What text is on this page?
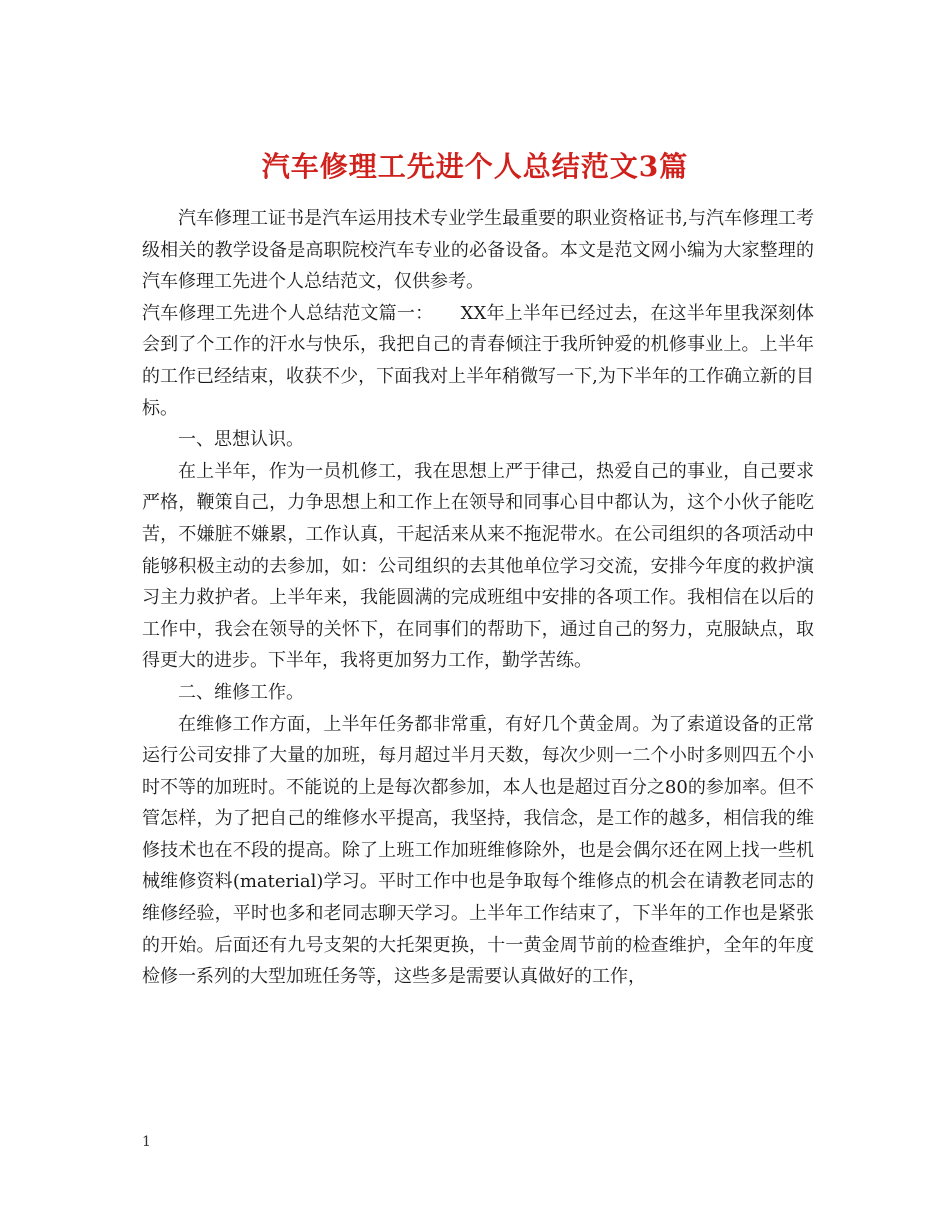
汽车修理工先进个人总结范文3篇

汽车修理工证书是汽车运用技术专业学生最重要的职业资格证书,与汽车修理工考级相关的教学设备是高职院校汽车专业的必备设备。本文是范文网小编为大家整理的汽车修理工先进个人总结范文，仅供参考。

汽车修理工先进个人总结范文篇一：　　XX年上半年已经过去，在这半年里我深刻体会到了个工作的汗水与快乐，我把自己的青春倾注于我所钟爱的机修事业上。上半年的工作已经结束，收获不少，下面我对上半年稍微写一下,为下半年的工作确立新的目标。

一、思想认识。

在上半年，作为一员机修工，我在思想上严于律己，热爱自己的事业，自己要求严格，鞭策自己，力争思想上和工作上在领导和同事心目中都认为，这个小伙子能吃苦，不嫌脏不嫌累，工作认真，干起活来从来不拖泥带水。在公司组织的各项活动中能够积极主动的去参加，如：公司组织的去其他单位学习交流，安排今年度的救护演习主力救护者。上半年来，我能圆满的完成班组中安排的各项工作。我相信在以后的工作中，我会在领导的关怀下，在同事们的帮助下，通过自己的努力，克服缺点，取得更大的进步。下半年，我将更加努力工作，勤学苦练。

二、维修工作。

在维修工作方面，上半年任务都非常重，有好几个黄金周。为了索道设备的正常运行公司安排了大量的加班，每月超过半月天数，每次少则一二个小时多则四五个小时不等的加班时。不能说的上是每次都参加，本人也是超过百分之80的参加率。但不管怎样，为了把自己的维修水平提高，我坚持，我信念，是工作的越多，相信我的维修技术也在不段的提高。除了上班工作加班维修除外，也是会偶尔还在网上找一些机械维修资料(material)学习。平时工作中也是争取每个维修点的机会在请教老同志的维修经验，平时也多和老同志聊天学习。上半年工作结束了，下半年的工作也是紧张的开始。后面还有九号支架的大托架更换，十一黄金周节前的检查维护，全年的年度检修一系列的大型加班任务等，这些多是需要认真做好的工作，

1
